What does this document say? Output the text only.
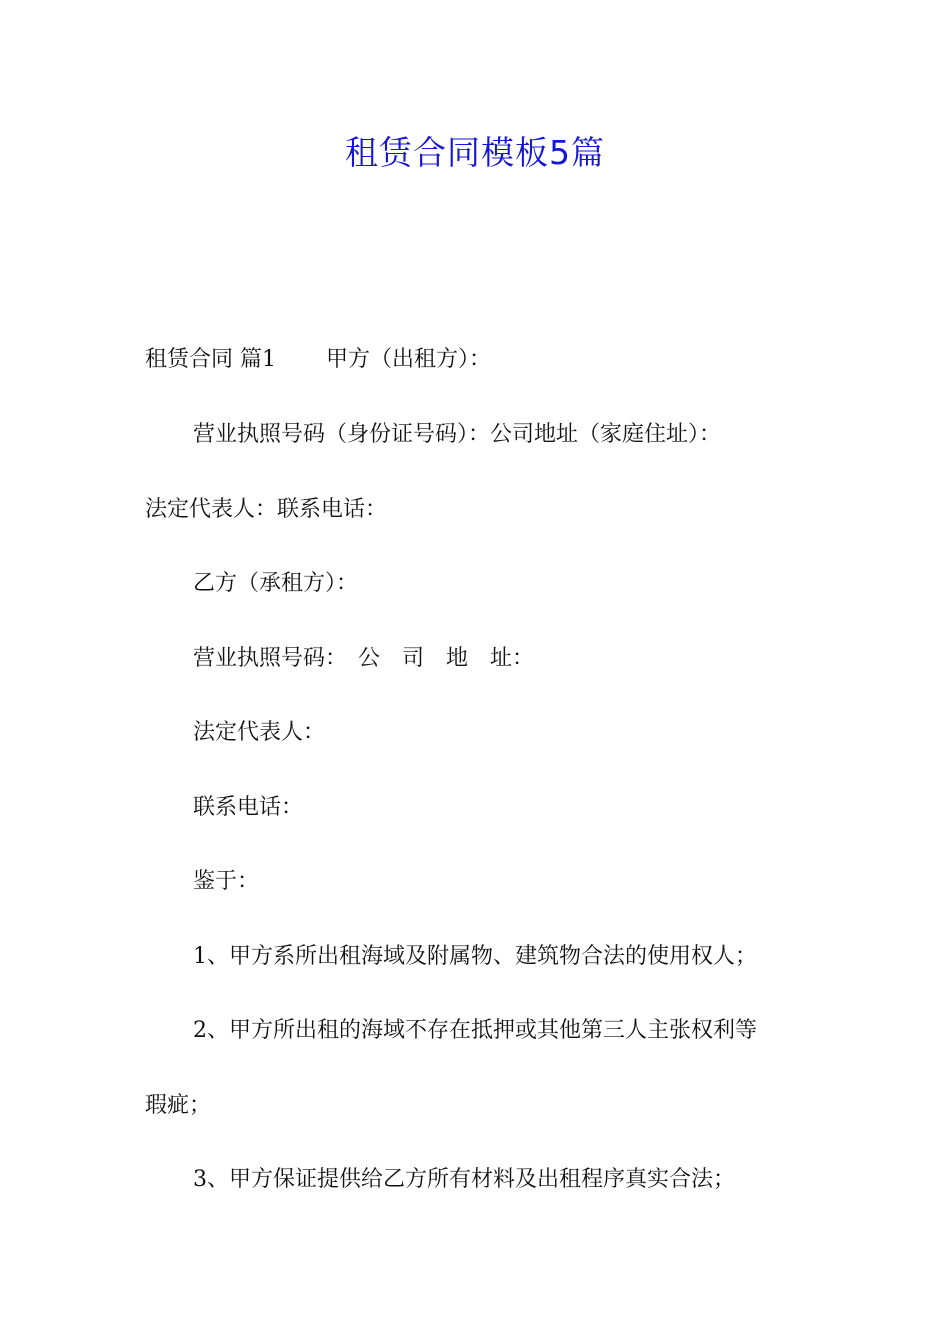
租赁合同模板5篇
租赁合同 篇1 甲方（出租方）：
营业执照号码（身份证号码）：公司地址（家庭住址）：
法定代表人：联系电话：
乙方（承租方）：
营业执照号码：　公　司　地　址：
法定代表人：
联系电话：
鉴于：
1、甲方系所出租海域及附属物、建筑物合法的使用权人；
2、甲方所出租的海域不存在抵押或其他第三人主张权利等
瑕疵；
3、甲方保证提供给乙方所有材料及出租程序真实合法；
